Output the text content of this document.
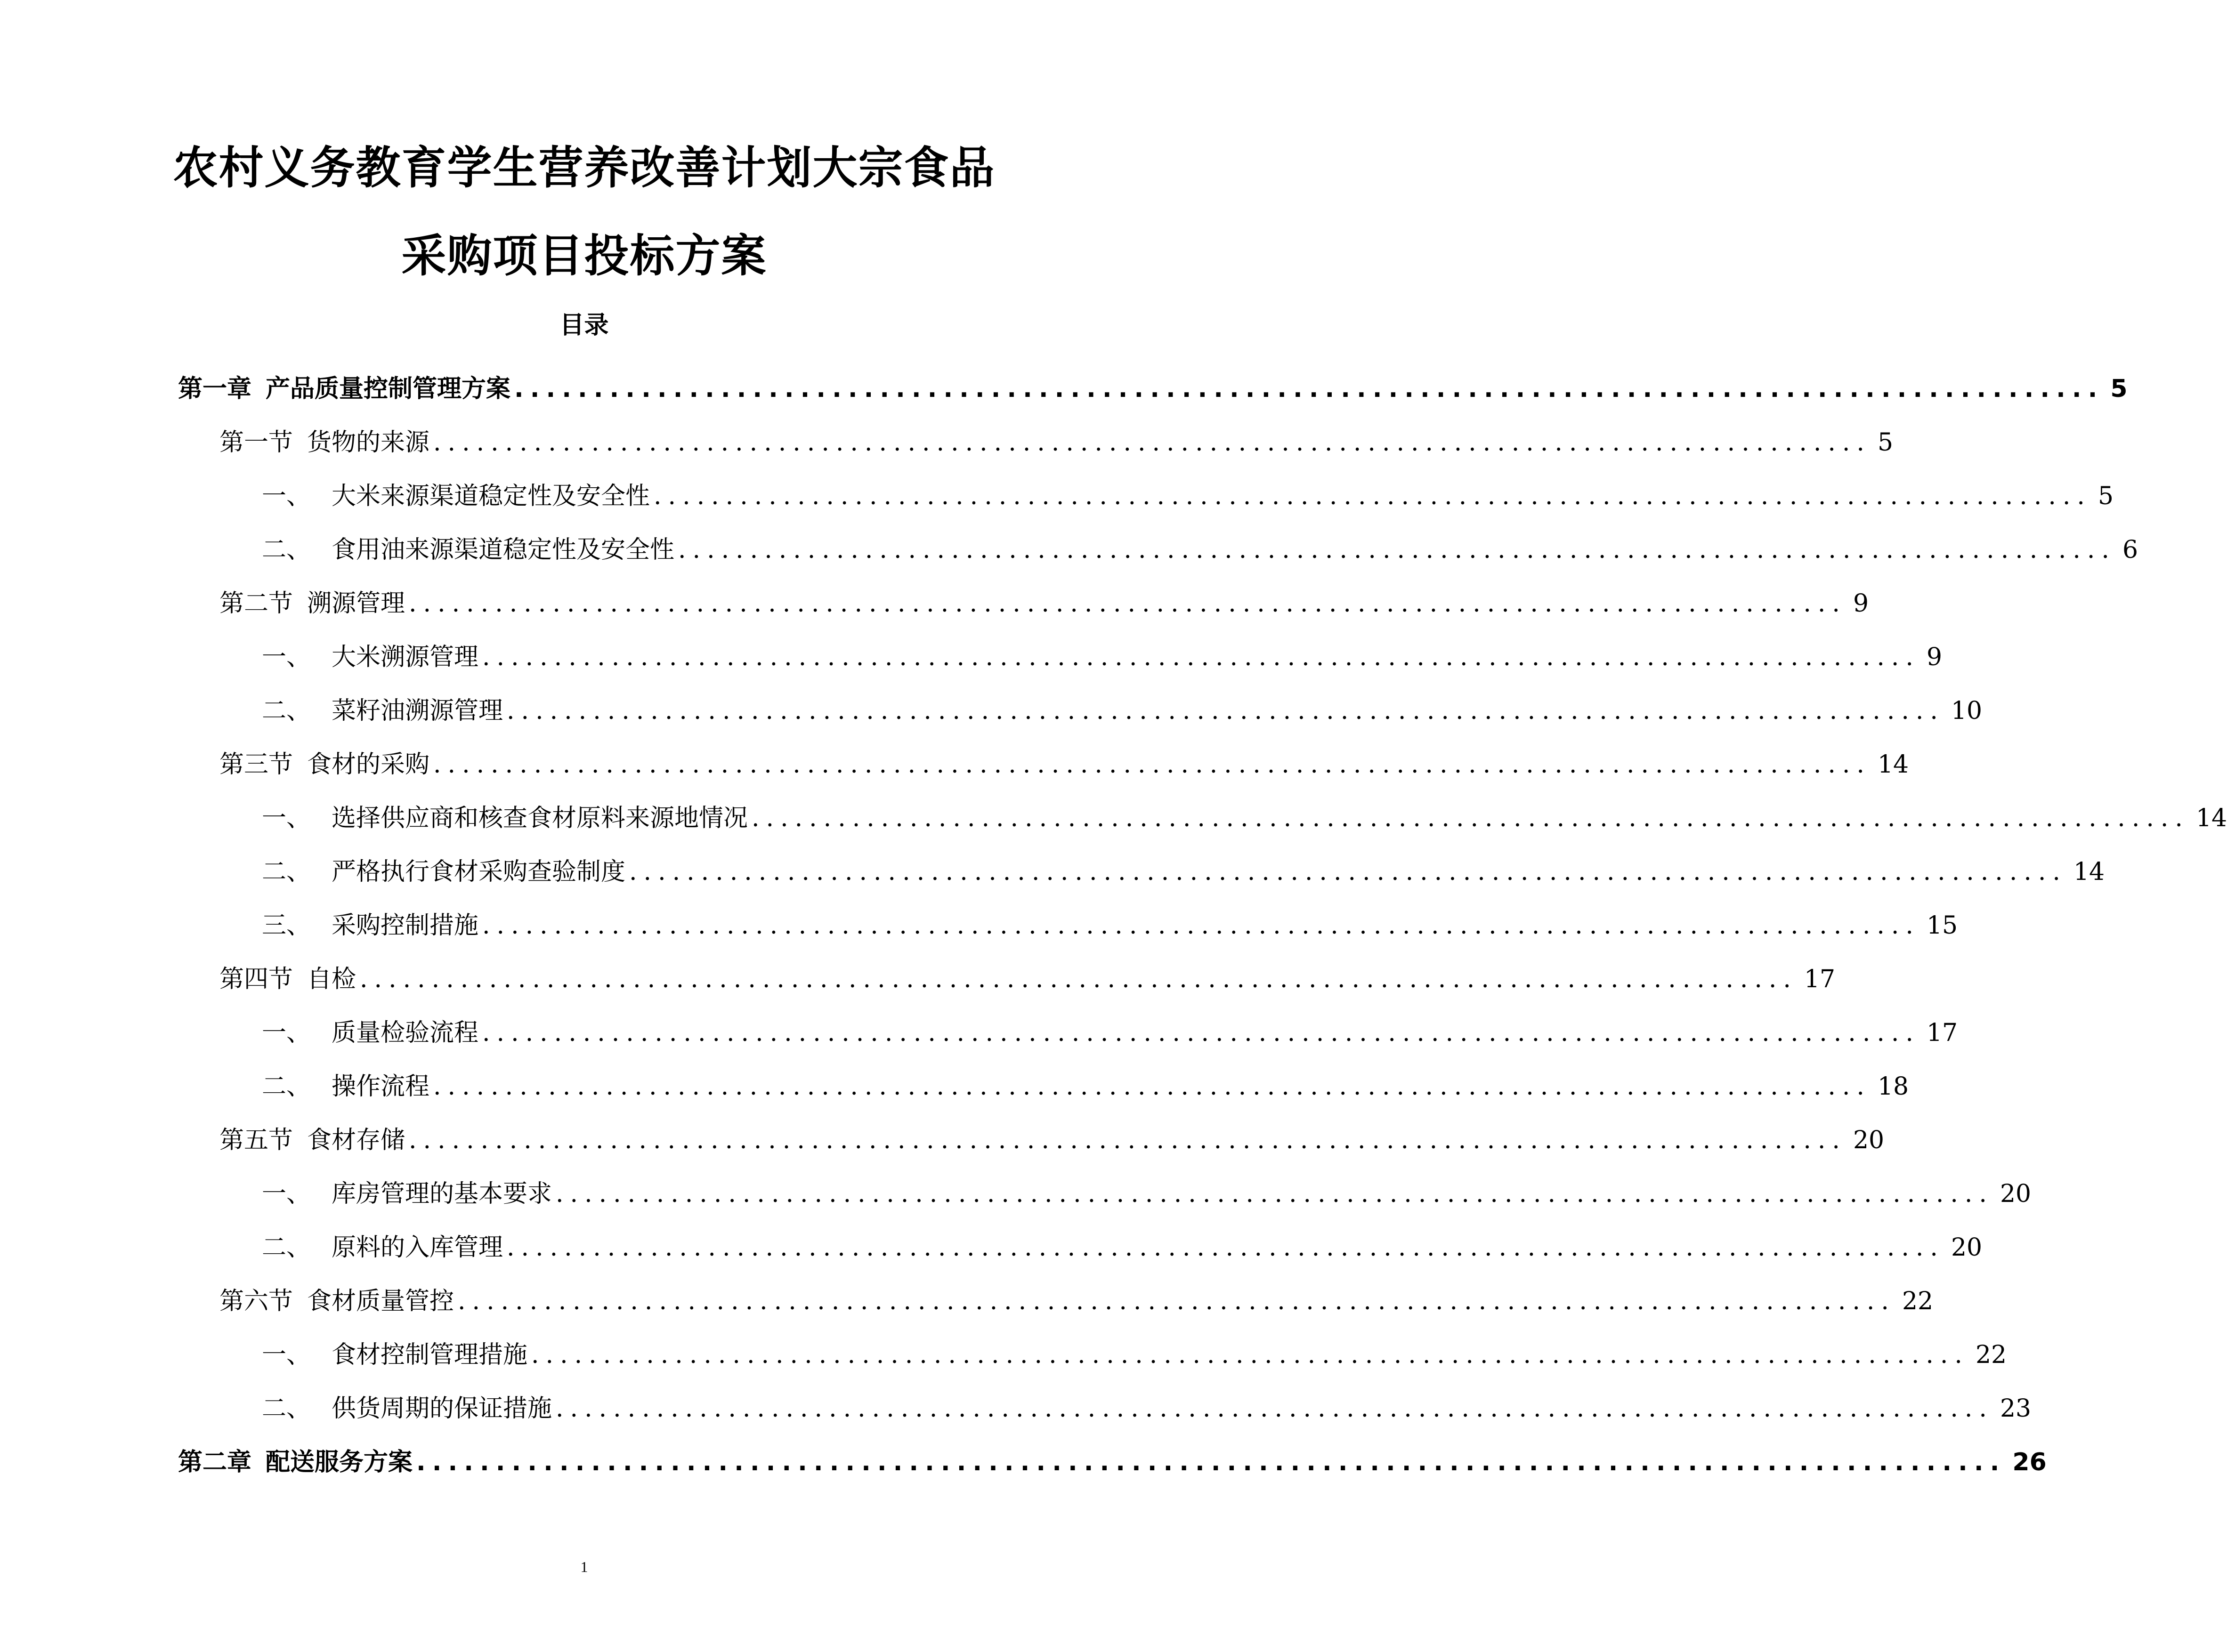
农村义务教育学生营养改善计划大宗食品
采购项目投标方案
目录
第一章 产品质量控制管理方案 .................................................................................................... 5
第一节 货物的来源 .................................................................................................... 5
一、 大米来源渠道稳定性及安全性 .................................................................................................... 5
二、 食用油来源渠道稳定性及安全性 .................................................................................................... 6
第二节 溯源管理 .................................................................................................... 9
一、 大米溯源管理 .................................................................................................... 9
二、 菜籽油溯源管理 .................................................................................................... 10
第三节 食材的采购 .................................................................................................... 14
一、 选择供应商和核查食材原料来源地情况 .................................................................................................... 14
二、 严格执行食材采购查验制度 .................................................................................................... 14
三、 采购控制措施 .................................................................................................... 15
第四节 自检 .................................................................................................... 17
一、 质量检验流程 .................................................................................................... 17
二、 操作流程 .................................................................................................... 18
第五节 食材存储 .................................................................................................... 20
一、 库房管理的基本要求 .................................................................................................... 20
二、 原料的入库管理 .................................................................................................... 20
第六节 食材质量管控 .................................................................................................... 22
一、 食材控制管理措施 .................................................................................................... 22
二、 供货周期的保证措施 .................................................................................................... 23
第二章 配送服务方案 .................................................................................................... 26
1
